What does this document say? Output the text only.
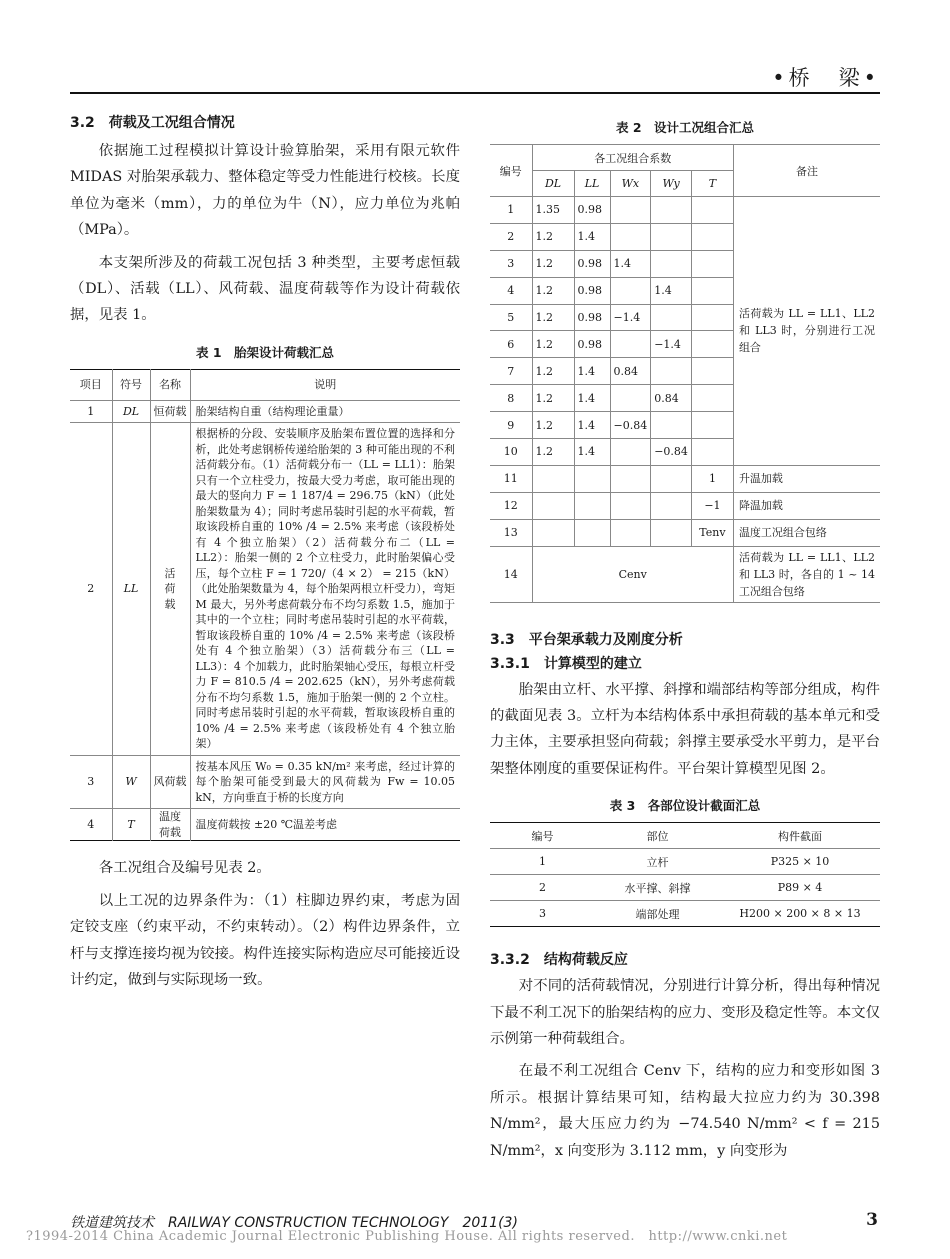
•桥　梁•
3.2　荷载及工况组合情况

依据施工过程模拟计算设计验算胎架，采用有限元软件 MIDAS 对胎架承载力、整体稳定等受力性能进行校核。长度单位为毫米（mm），力的单位为牛（N），应力单位为兆帕（MPa）。

本支架所涉及的荷载工况包括 3 种类型，主要考虑恒载（DL）、活载（LL）、风荷载、温度荷载等作为设计荷载依据，见表 1。

表 1　胎架设计荷载汇总
项目	符号	名称	说明
1	DL	恒荷载	胎架结构自重（结构理论重量）
2	LL	活荷载	根据桥的分段、安装顺序及胎架布置位置的选择和分析，此处考虑钢桥传递给胎架的 3 种可能出现的不利活荷载分布。（1）活荷载分布一（LL = LL1）：胎架只有一个立柱受力，按最大受力考虑，取可能出现的最大的竖向力 F = 1 187/4 = 296.75（kN）（此处胎架数量为 4）；同时考虑吊装时引起的水平荷载，暂取该段桥自重的 10% /4 = 2.5% 来考虑（该段桥处有 4 个独立胎架）（2）活荷载分布二（LL = LL2）：胎架一侧的 2 个立柱受力，此时胎架偏心受压，每个立柱 F = 1 720/（4 × 2） = 215（kN）（此处胎架数量为 4，每个胎架两根立杆受力），弯矩 M 最大，另外考虑荷载分布不均匀系数 1.5，施加于其中的一个立柱；同时考虑吊装时引起的水平荷载，暂取该段桥自重的 10% /4 = 2.5% 来考虑（该段桥处有 4 个独立胎架）（3）活荷载分布三（LL = LL3）：4 个加载力，此时胎架轴心受压，每根立杆受力 F = 810.5 /4 = 202.625（kN），另外考虑荷载分布不均匀系数 1.5，施加于胎架一侧的 2 个立柱。同时考虑吊装时引起的水平荷载，暂取该段桥自重的 10% /4 = 2.5% 来考虑（该段桥处有 4 个独立胎架）
3	W	风荷载	按基本风压 W₀ = 0.35 kN/m² 来考虑，经过计算的每个胎架可能受到最大的风荷载为 Fw = 10.05 kN，方向垂直于桥的长度方向
4	T	温度荷载	温度荷载按 ±20 ℃温差考虑

各工况组合及编号见表 2。

以上工况的边界条件为：（1）柱脚边界约束，考虑为固定铰支座（约束平动，不约束转动）。（2）构件边界条件，立杆与支撑连接均视为铰接。构件连接实际构造应尽可能接近设计约定，做到与实际现场一致。

表 2　设计工况组合汇总
编号	各工况组合系数					备注
	DL	LL	Wx	Wy	T	
1	1.35	0.98				活荷载为 LL = LL1、LL2 和 LL3 时，分别进行工况组合
2	1.2	1.4				
3	1.2	0.98	1.4			
4	1.2	0.98		1.4		
5	1.2	0.98	−1.4			
6	1.2	0.98		−1.4		
7	1.2	1.4	0.84			
8	1.2	1.4		0.84		
9	1.2	1.4	−0.84			
10	1.2	1.4		−0.84		
11					1	升温加载
12					−1	降温加载
13					Tenv	温度工况组合包络
14	Cenv					活荷载为 LL = LL1、LL2 和 LL3 时，各自的 1 ~ 14 工况组合包络
3.3　平台架承载力及刚度分析
3.3.1　计算模型的建立

胎架由立杆、水平撑、斜撑和端部结构等部分组成，构件的截面见表 3。立杆为本结构体系中承担荷载的基本单元和受力主体，主要承担竖向荷载；斜撑主要承受水平剪力，是平台架整体刚度的重要保证构件。平台架计算模型见图 2。

表 3　各部位设计截面汇总
编号	部位	构件截面
1	立杆	P325 × 10
2	水平撑、斜撑	P89 × 4
3	端部处理	H200 × 200 × 8 × 13
3.3.2　结构荷载反应

对不同的活荷载情况，分别进行计算分析，得出每种情况下最不利工况下的胎架结构的应力、变形及稳定性等。本文仅示例第一种荷载组合。

在最不利工况组合 Cenv 下，结构的应力和变形如图 3 所示。根据计算结果可知，结构最大拉应力约为 30.398 N/mm²，最大压应力约为 −74.540 N/mm² < f = 215 N/mm²，x 向变形为 3.112 mm，y 向变形为

铁道建筑技术　RAILWAY CONSTRUCTION TECHNOLOGY　2011(3)	3
?1994-2014 China Academic Journal Electronic Publishing House. All rights reserved.　http://www.cnki.net
